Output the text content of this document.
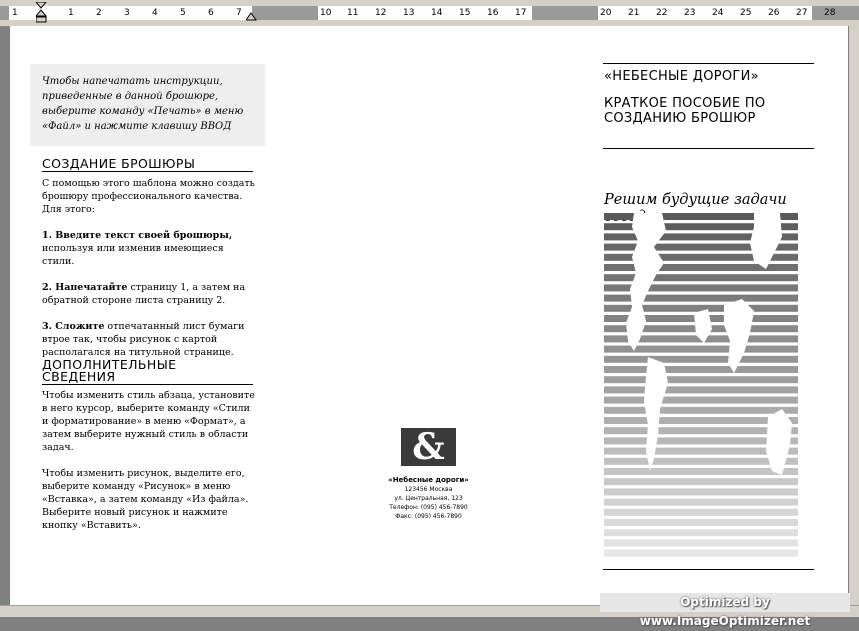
1	1 2 3 4 5 6 7	10 11 12 13 14 15 16 17	20 21 22 23 24 25 26 27 28

Чтобы напечатать инструкции, приведенные в данной брошюре, выберите команду «Печать» в меню «Файл» и нажмите клавишу ВВОД

СОЗДАНИЕ БРОШЮРЫ

С помощью этого шаблона можно создать брошюру профессионального качества. Для этого:

1. Введите текст своей брошюры, используя или изменив имеющиеся стили.

2. Напечатайте страницу 1, а затем на обратной стороне листа страницу 2.

3. Сложите отпечатанный лист бумаги втрое так, чтобы рисунок с картой располагался на титульной странице.

ДОПОЛНИТЕЛЬНЫЕ СВЕДЕНИЯ

Чтобы изменить стиль абзаца, установите в него курсор, выберите команду «Стили и форматирование» в меню «Формат», а затем выберите нужный стиль в области задач.

Чтобы изменить рисунок, выделите его, выберите команду «Рисунок» в меню «Вставка», а затем команду «Из файла». Выберите новый рисунок и нажмите кнопку «Вставить».

&
«Небесные дороги»
123456 Москва
ул. Центральная, 123
Телефон: (095) 456-7890
Факс: (095) 456-7890
«НЕБЕСНЫЕ ДОРОГИ»
КРАТКОЕ ПОСОБИЕ ПО
СОЗДАНИЮ БРОШЮР
Решим будущие задачи
Optimized by www.ImageOptimizer.net
